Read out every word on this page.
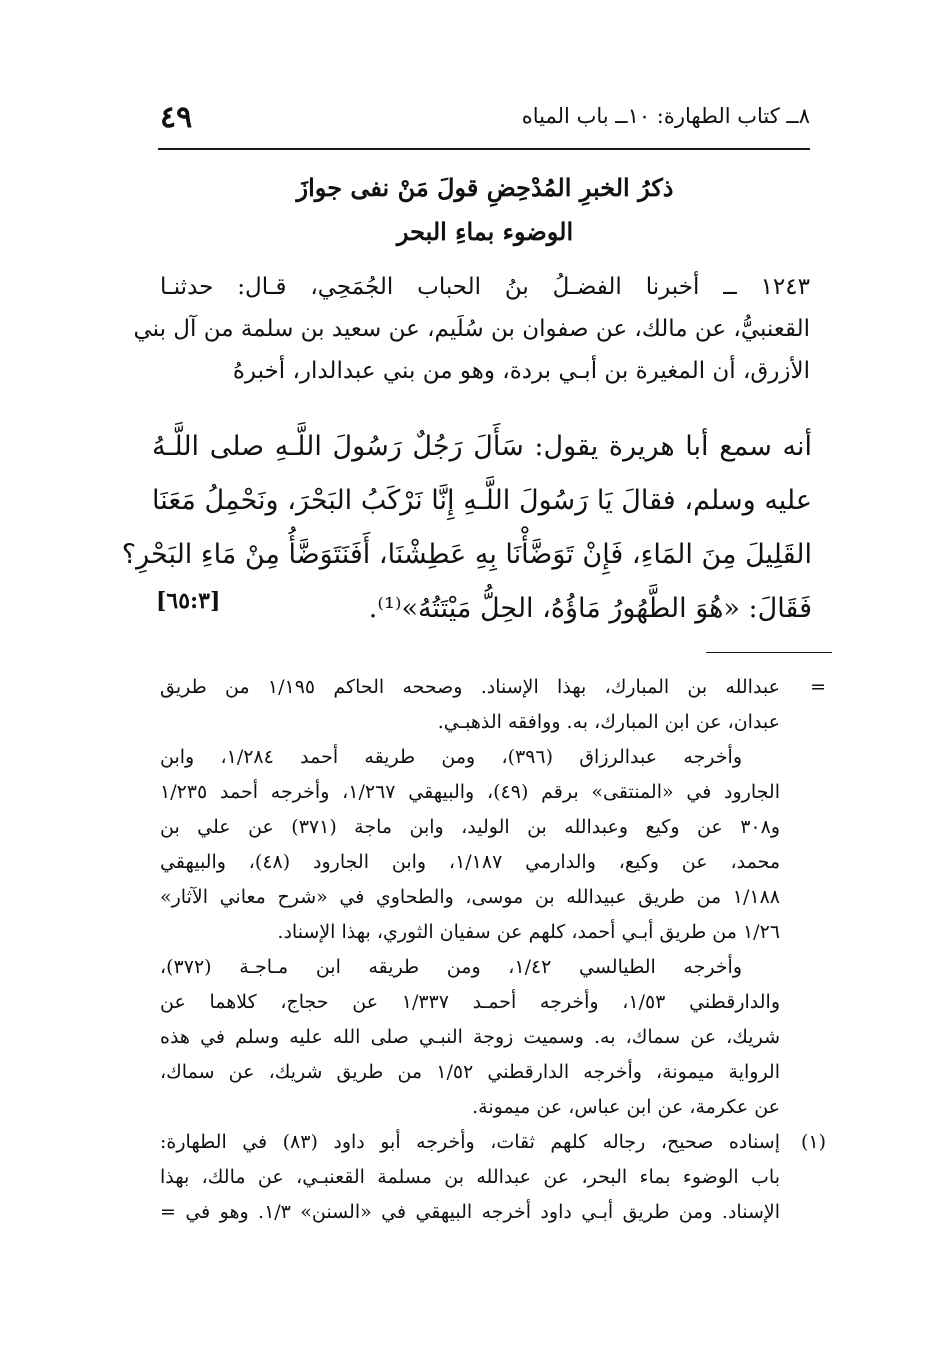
٤٩	٨ــ كتاب الطهارة: ١٠ــ باب المياه
ذكرُ الخبرِ المُدْحِضِ قولَ مَنْ نفى جوازَ
الوضوء بماءِ البحر
١٢٤٣ ــ أخبرنا الفضـلُ بنُ الحباب الجُمَحِي، قـال: حدثنـا
القعنبيُّ، عن مالك، عن صفوان بن سُلَيم، عن سعيد بن سلمة من آل بني
الأزرق، أن المغيرة بن أبـي بردة، وهو من بني عبدالدار، أخبرهُ
أنه سمع أبا هريرة يقول: سَأَلَ رَجُلٌ رَسُولَ اللَّـهِ صلى اللَّـهُ
عليه وسلم، فقالَ يَا رَسُولَ اللَّـهِ إِنَّا نَرْكَبُ البَحْرَ، ونَحْمِلُ مَعَنَا
القَلِيلَ مِنَ المَاءِ، فَإِنْ تَوَضَّأْنَا بِهِ عَطِشْنَا، أَفَنَتَوَضَّأُ مِنْ مَاءِ البَحْرِ؟
فَقَالَ: «هُوَ الطَّهُورُ مَاؤُهُ، الحِلُّ مَيْتَتُهُ»⁽¹⁾.
[٦٥:٣]
=
عبدالله بن المبارك، بهذا الإسناد. وصححه الحاكم ١/١٩٥ من طريق
عبدان، عن ابن المبارك، به. ووافقه الذهبـي.
وأخرجه عبدالرزاق (٣٩٦)، ومن طريقه أحمد ١/٢٨٤، وابن
الجارود في «المنتقى» برقم (٤٩)، والبيهقي ١/٢٦٧، وأخرجه أحمد ١/٢٣٥
و٣٠٨ عن وكيع وعبدالله بن الوليد، وابن ماجة (٣٧١) عن علي بن
محمد، عن وكيع، والدارمي ١/١٨٧، وابن الجارود (٤٨)، والبيهقي
١/١٨٨ من طريق عبيدالله بن موسى، والطحاوي في «شرح معاني الآثار»
١/٢٦ من طريق أبـي أحمد، كلهم عن سفيان الثوري، بهذا الإسناد.
وأخرجه الطيالسي ١/٤٢، ومن طريقه ابن مـاجـة (٣٧٢)،
والدارقطني ١/٥٣، وأخرجه أحمـد ١/٣٣٧ عن حجاج، كلاهما عن
شريك، عن سماك، به. وسميت زوجة النبـي صلى الله عليه وسلم في هذه
الرواية ميمونة، وأخرجه الدارقطني ١/٥٢ من طريق شريك، عن سماك،
عن عكرمة، عن ابن عباس، عن ميمونة.
(١)
إسناده صحيح، رجاله كلهم ثقات، وأخرجه أبو داود (٨٣) في الطهارة:
باب الوضوء بماء البحر، عن عبدالله بن مسلمة القعنبـي، عن مالك، بهذا
الإسناد. ومن طريق أبـي داود أخرجه البيهقي في «السنن» ١/٣. وهو في =
